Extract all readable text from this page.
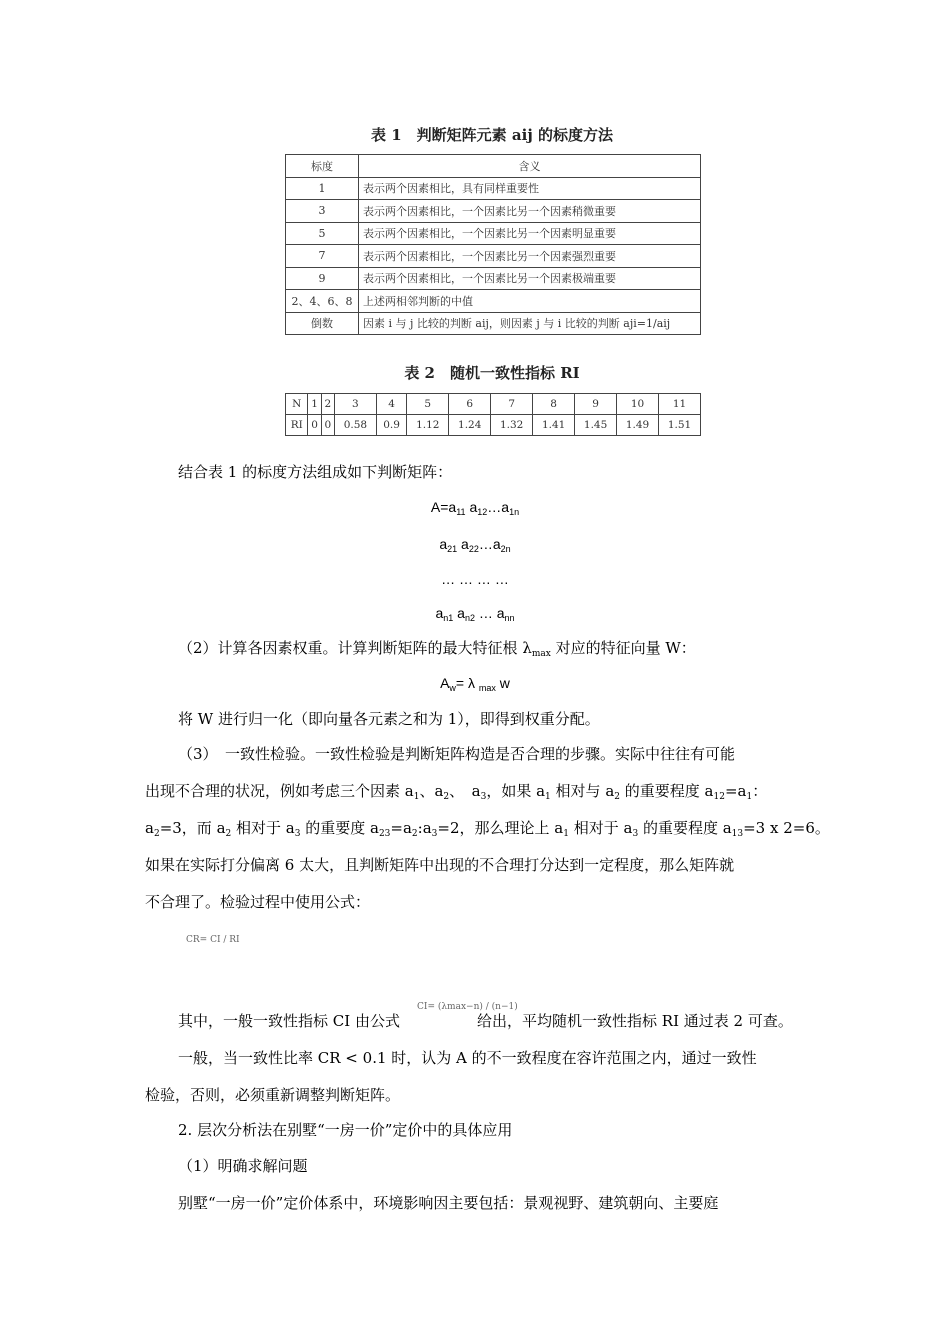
表 1　判断矩阵元素 aij 的标度方法
标度	含义
1	表示两个因素相比，具有同样重要性
3	表示两个因素相比，一个因素比另一个因素稍微重要
5	表示两个因素相比，一个因素比另一个因素明显重要
7	表示两个因素相比，一个因素比另一个因素强烈重要
9	表示两个因素相比，一个因素比另一个因素极端重要
2、4、6、8	上述两相邻判断的中值
倒数	因素 i 与 j 比较的判断 aij，则因素 j 与 i 比较的判断 aji=1/aij
表 2　随机一致性指标 RI
N	1	2	3	4	5	6	7	8	9	10	11
RI	0	0	0.58	0.9	1.12	1.24	1.32	1.41	1.45	1.49	1.51
结合表 1 的标度方法组成如下判断矩阵：
$A=a_{11}$ $a_{12}\dots a_{1n}$
$a_{21}$ $a_{22}\dots a_{2n}$
… … … …
$a_{n1}$ $a_{n2}$ … $a_{nn}$
（2）计算各因素权重。计算判断矩阵的最大特征根 $\lambda_{max}$ 对应的特征向量 W：
$A_w= \lambda$ $_{max}$ w
将 W 进行归一化（即向量各元素之和为 1），即得到权重分配。
（3）　一致性检验。一致性检验是判断矩阵构造是否合理的步骤。实际中往往有可能
出现不合理的状况，例如考虑三个因素 $a_1$、$a_2$、　$a_3$，如果 $a_1$ 相对与 $a_2$ 的重要程度 $a_{12}=a_1$：
$a_2=3$，而 $a_2$ 相对于 $a_3$ 的重要度 $a_{23}=a_2:a_3=2$，那么理论上 $a_1$ 相对于 $a_3$ 的重要程度 $a_{13}=3$ x 2=6。
如果在实际打分偏离 6 太大，且判断矩阵中出现的不合理打分达到一定程度，那么矩阵就
不合理了。检验过程中使用公式：
CR= CI / RI
其中，一般一致性指标 CI 由公式
CI= (λmax−n) / (n−1)
给出，平均随机一致性指标 RI 通过表 2 可查。
一般，当一致性比率 CR < 0.1 时，认为 A 的不一致程度在容许范围之内，通过一致性
检验，否则，必须重新调整判断矩阵。
2. 层次分析法在别墅“一房一价”定价中的具体应用
（1）明确求解问题
别墅“一房一价”定价体系中，环境影响因主要包括：景观视野、建筑朝向、主要庭
